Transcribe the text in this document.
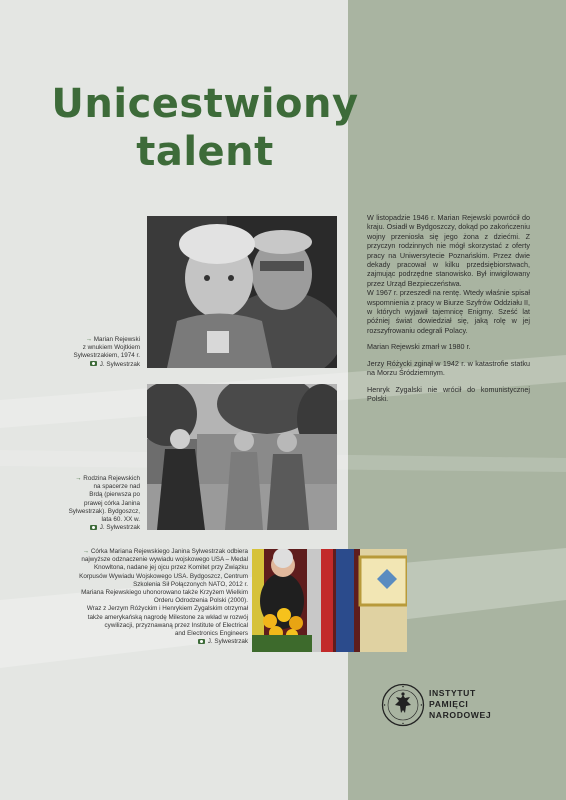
Unicestwiony
talent
→ Marian Rejewski
z wnukiem Wojtkiem
Sylwestrzakiem, 1974 r.
J. Sylwestrzak
→ Rodzina Rejewskich
na spacerze nad
Brdą (pierwsza po
prawej córka Janina
Sylwestrzak). Bydgoszcz,
lata 60. XX w.
J. Sylwestrzak
→ Córka Mariana Rejewskiego Janina Sylwestrzak odbiera
najwyższe odznaczenie wywiadu wojskowego USA – Medal
Knowltona, nadane jej ojcu przez Komitet przy Związku
Korpusów Wywiadu Wojskowego USA. Bydgoszcz, Centrum
Szkolenia Sił Połączonych NATO, 2012 r.
Mariana Rejewskiego uhonorowano także Krzyżem Wielkim
Orderu Odrodzenia Polski (2000).
Wraz z Jerzym Różyckim i Henrykiem Zygalskim otrzymał
także amerykańską nagrodę Milestone za wkład w rozwój
cywilizacji, przyznawaną przez Institute of Electrical
and Electronics Engineers
J. Sylwestrzak

W listopadzie 1946 r. Marian Rejewski powrócił do kraju. Osiadł w Bydgoszczy, dokąd po zakończeniu wojny przeniosła się jego żona z dziećmi. Z przyczyn rodzinnych nie mógł skorzystać z oferty pracy na Uniwersytecie Poznańskim. Przez dwie dekady pracował w kilku przedsiębiorstwach, zajmując podrzędne stanowisko. Był inwigilowany przez Urząd Bezpieczeństwa.
W 1967 r. przeszedł na rentę. Wtedy właśnie spisał wspomnienia z pracy w Biurze Szyfrów Oddziału II, w których wyjawił tajemnicę Enigmy. Sześć lat później świat dowiedział się, jaką rolę w jej rozszyfrowaniu odegrali Polacy.

Marian Rejewski zmarł w 1980 r.

Jerzy Różycki zginął w 1942 r. w katastrofie statku na Morzu Śródziemnym.

Henryk Zygalski nie wrócił do komunistycznej Polski.

INSTYTUT
PAMIĘCI
NARODOWEJ
